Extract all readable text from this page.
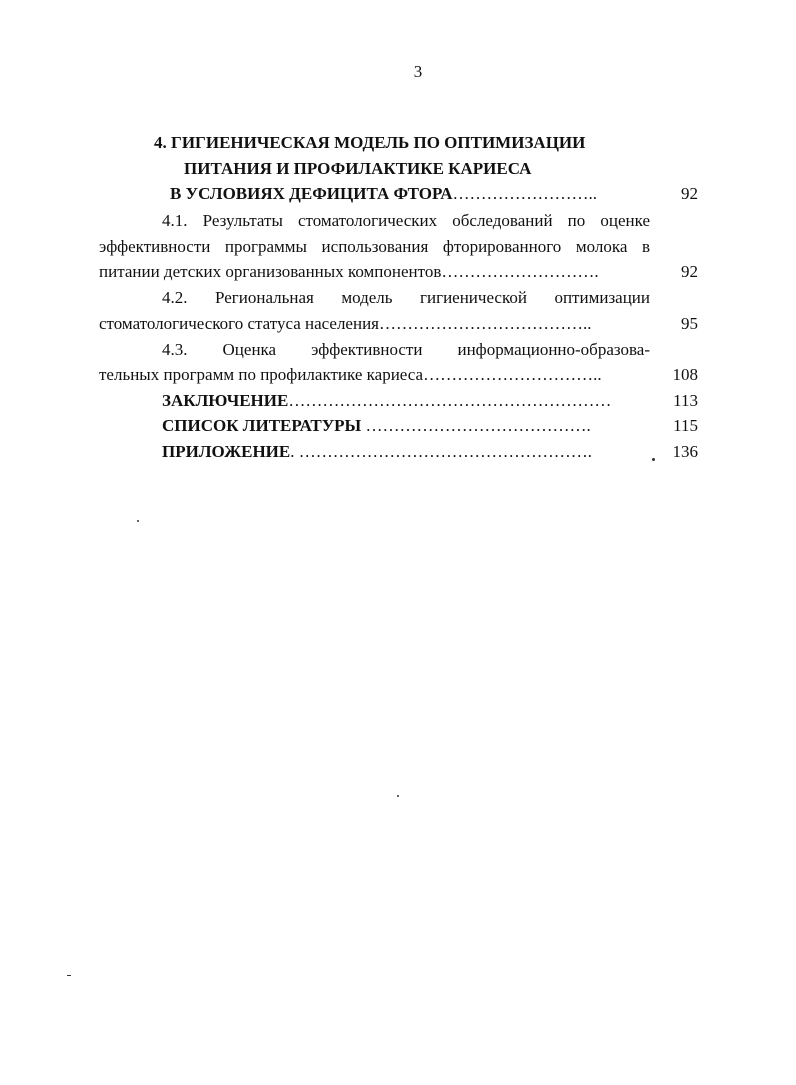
3
4. ГИГИЕНИЧЕСКАЯ МОДЕЛЬ ПО ОПТИМИЗАЦИИ
ПИТАНИЯ И ПРОФИЛАКТИКЕ КАРИЕСА
В УСЛОВИЯХ ДЕФИЦИТА ФТОРА……………………..	92
4.1. Результаты стоматологических обследований по оценке
эффективности программы использования фторированного молока в
питании детских организованных компонентов……………………….	92
4.2. Региональная модель гигиенической оптимизации
стоматологического статуса населения………………………………..	95
4.3. Оценка эффективности информационно-образова-
тельных программ по профилактике кариеса…………………………..	108
ЗАКЛЮЧЕНИЕ…………………………………………………	113
СПИСОК ЛИТЕРАТУРЫ ………………………………….	115
ПРИЛОЖЕНИЕ. …………………………………………….	136
